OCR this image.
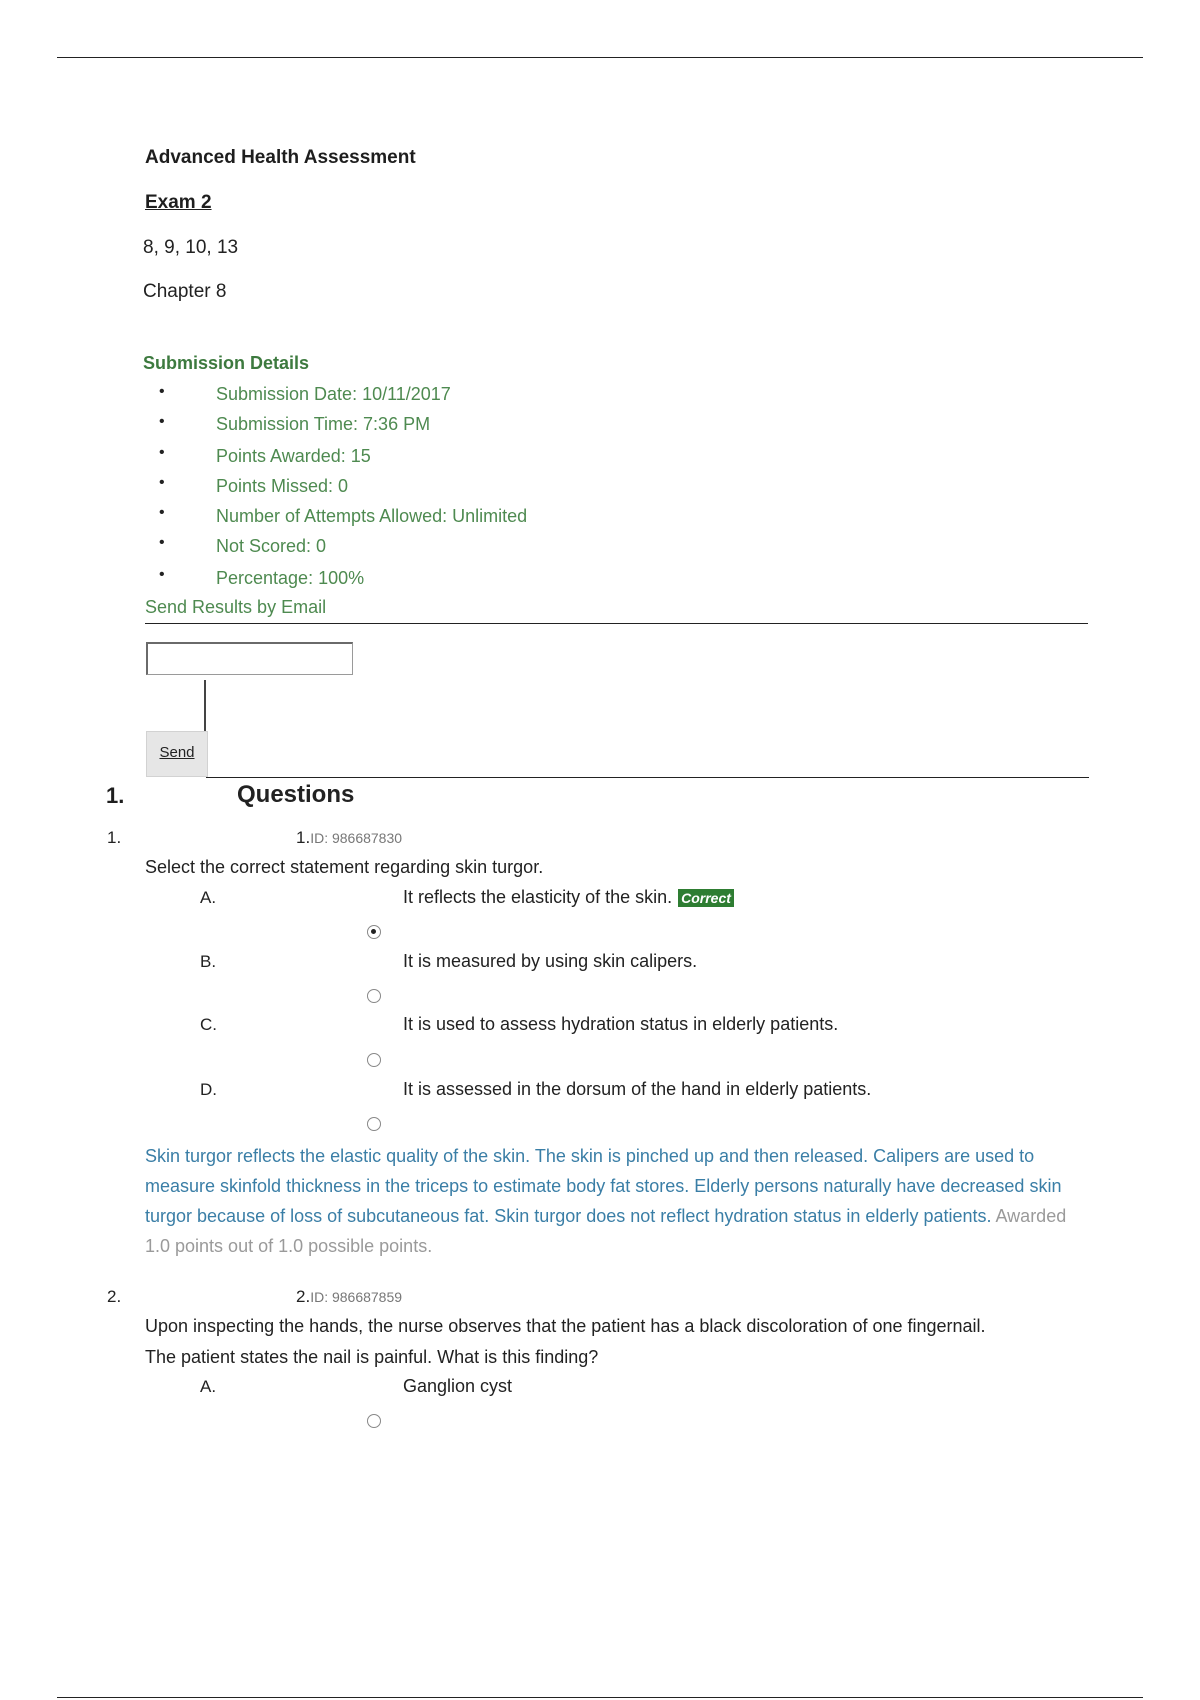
Advanced Health Assessment
Exam 2
8, 9, 10, 13
Chapter 8
Submission Details
•	Submission Date: 10/11/2017
•	Submission Time: 7:36 PM
•	Points Awarded: 15
•	Points Missed: 0
•	Number of Attempts Allowed: Unlimited
•	Not Scored: 0
•	Percentage: 100%
Send Results by Email
Send
1.	Questions
1.	1.ID: 986687830
Select the correct statement regarding skin turgor.
A.	It reflects the elasticity of the skin. Correct
B.	It is measured by using skin calipers.
C.	It is used to assess hydration status in elderly patients.
D.	It is assessed in the dorsum of the hand in elderly patients.
Skin turgor reflects the elastic quality of the skin. The skin is pinched up and then released. Calipers are used to measure skinfold thickness in the triceps to estimate body fat stores. Elderly persons naturally have decreased skin turgor because of loss of subcutaneous fat. Skin turgor does not reflect hydration status in elderly patients. Awarded 1.0 points out of 1.0 possible points.
2.	2.ID: 986687859
Upon inspecting the hands, the nurse observes that the patient has a black discoloration of one fingernail.
The patient states the nail is painful. What is this finding?
A.	Ganglion cyst
